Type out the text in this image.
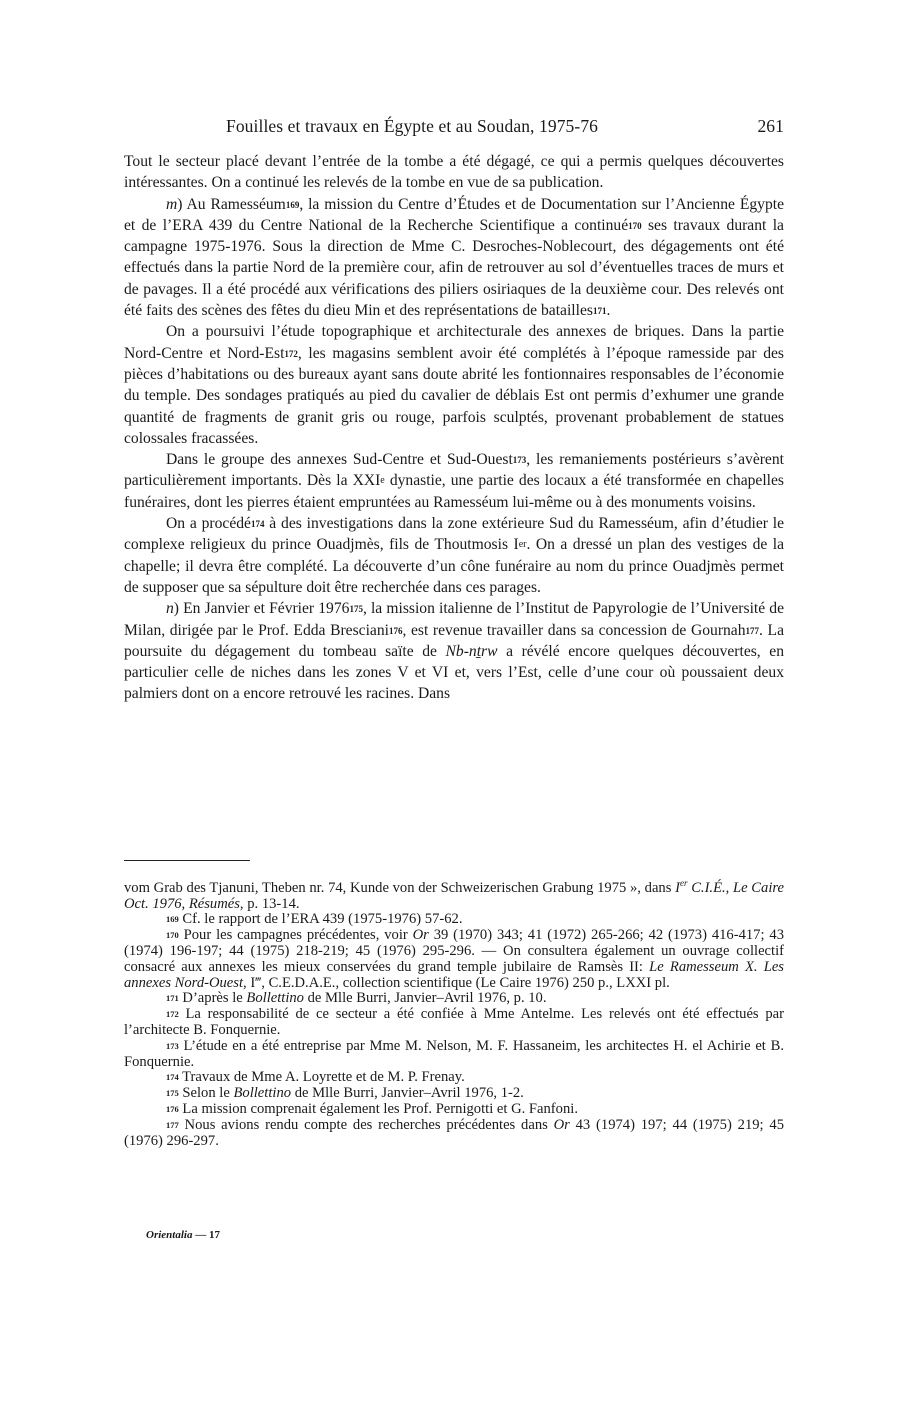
Fouilles et travaux en Égypte et au Soudan, 1975-76	261

Tout le secteur placé devant l’entrée de la tombe a été dégagé, ce qui a permis quelques découvertes intéressantes. On a continué les relevés de la tombe en vue de sa publication.

m) Au Ramesséum$^{169}$, la mission du Centre d’Études et de Documentation sur l’Ancienne Égypte et de l’ERA 439 du Centre National de la Recherche Scientifique a continué$^{170}$ ses travaux durant la campagne 1975-1976. Sous la direction de Mme C. Desroches-Noblecourt, des dégagements ont été effectués dans la partie Nord de la première cour, afin de retrouver au sol d’éventuelles traces de murs et de pavages. Il a été procédé aux vérifications des piliers osiriaques de la deuxième cour. Des relevés ont été faits des scènes des fêtes du dieu Min et des représentations de batailles$^{171}$.

On a poursuivi l’étude topographique et architecturale des annexes de briques. Dans la partie Nord-Centre et Nord-Est$^{172}$, les magasins semblent avoir été complétés à l’époque ramesside par des pièces d’habitations ou des bureaux ayant sans doute abrité les fontionnaires responsables de l’économie du temple. Des sondages pratiqués au pied du cavalier de déblais Est ont permis d’exhumer une grande quantité de fragments de granit gris ou rouge, parfois sculptés, provenant probablement de statues colossales fracassées.

Dans le groupe des annexes Sud-Centre et Sud-Ouest$^{173}$, les remaniements postérieurs s’avèrent particulièrement importants. Dès la XXIe dynastie, une partie des locaux a été transformée en chapelles funéraires, dont les pierres étaient empruntées au Ramesséum lui-même ou à des monuments voisins.

On a procédé$^{174}$ à des investigations dans la zone extérieure Sud du Ramesséum, afin d’étudier le complexe religieux du prince Ouadjmès, fils de Thoutmosis Ier. On a dressé un plan des vestiges de la chapelle; il devra être complété. La découverte d’un cône funéraire au nom du prince Ouadjmès permet de supposer que sa sépulture doit être recherchée dans ces parages.

n) En Janvier et Février 1976$^{175}$, la mission italienne de l’Institut de Papyrologie de l’Université de Milan, dirigée par le Prof. Edda Bresciani$^{176}$, est revenue travailler dans sa concession de Gournah$^{177}$. La poursuite du dégagement du tombeau saïte de Nb-nṯrw a révélé encore quelques découvertes, en particulier celle de niches dans les zones V et VI et, vers l’Est, celle d’une cour où poussaient deux palmiers dont on a encore retrouvé les racines. Dans

vom Grab des Tjanuni, Theben nr. 74, Kunde von der Schweizerischen Grabung 1975 », dans Ier C.I.É., Le Caire Oct. 1976, Résumés, p. 13-14.

$^{169}$ Cf. le rapport de l’ERA 439 (1975-1976) 57-62.

$^{170}$ Pour les campagnes précédentes, voir Or 39 (1970) 343; 41 (1972) 265-266; 42 (1973) 416-417; 43 (1974) 196-197; 44 (1975) 218-219; 45 (1976) 295-296. — On consultera également un ouvrage collectif consacré aux annexes les mieux conservées du grand temple jubilaire de Ramsès II: Le Ramesseum X. Les annexes Nord-Ouest, I‴, C.E.D.A.E., collection scientifique (Le Caire 1976) 250 p., LXXI pl.

$^{171}$ D’après le Bollettino de Mlle Burri, Janvier–Avril 1976, p. 10.

$^{172}$ La responsabilité de ce secteur a été confiée à Mme Antelme. Les relevés ont été effectués par l’architecte B. Fonquernie.

$^{173}$ L’étude en a été entreprise par Mme M. Nelson, M. F. Hassaneim, les architectes H. el Achirie et B. Fonquernie.

$^{174}$ Travaux de Mme A. Loyrette et de M. P. Frenay.

$^{175}$ Selon le Bollettino de Mlle Burri, Janvier–Avril 1976, 1-2.

$^{176}$ La mission comprenait également les Prof. Pernigotti et G. Fanfoni.

$^{177}$ Nous avions rendu compte des recherches précédentes dans Or 43 (1974) 197; 44 (1975) 219; 45 (1976) 296-297.

Orientalia — 17
